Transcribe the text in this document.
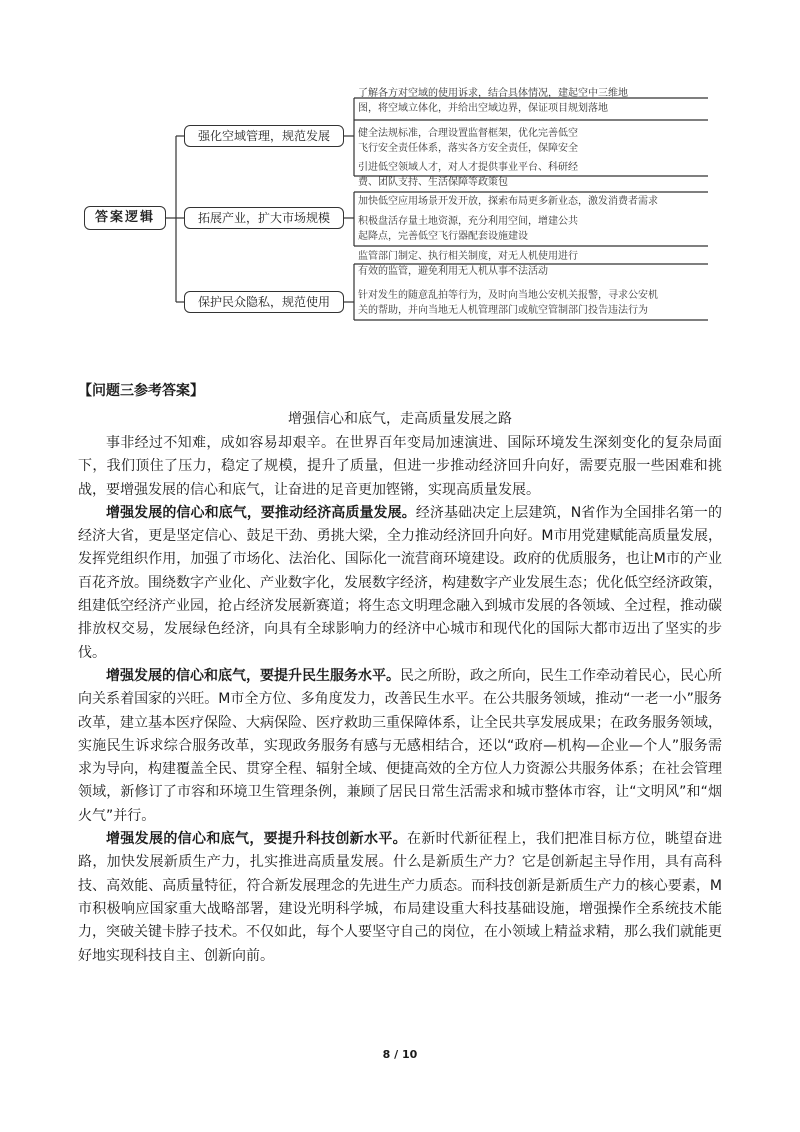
答案逻辑
强化空域管理，规范发展
拓展产业，扩大市场规模
保护民众隐私，规范使用
了解各方对空域的使用诉求，结合具体情况，建起空中三维地
图，将空域立体化，并给出空域边界，保证项目规划落地
健全法规标准，合理设置监督框架，优化完善低空
飞行安全责任体系，落实各方安全责任，保障安全
引进低空领域人才，对人才提供事业平台、科研经
费、团队支持、生活保障等政策包
加快低空应用场景开发开放，探索布局更多新业态，激发消费者需求
积极盘活存量土地资源，充分利用空间，增建公共
起降点，完善低空飞行器配套设施建设
监管部门制定、执行相关制度，对无人机使用进行
有效的监管，避免利用无人机从事不法活动
针对发生的随意乱拍等行为，及时向当地公安机关报警，寻求公安机
关的帮助，并向当地无人机管理部门或航空管制部门投告违法行为
【问题三参考答案】
增强信心和底气，走高质量发展之路

事非经过不知难，成如容易却艰辛。在世界百年变局加速演进、国际环境发生深刻变化的复杂局面下，我们顶住了压力，稳定了规模，提升了质量，但进一步推动经济回升向好，需要克服一些困难和挑战，要增强发展的信心和底气，让奋进的足音更加铿锵，实现高质量发展。

增强发展的信心和底气，要推动经济高质量发展。经济基础决定上层建筑，N省作为全国排名第一的经济大省，更是坚定信心、鼓足干劲、勇挑大梁，全力推动经济回升向好。M市用党建赋能高质量发展，发挥党组织作用，加强了市场化、法治化、国际化一流营商环境建设。政府的优质服务，也让M市的产业百花齐放。围绕数字产业化、产业数字化，发展数字经济，构建数字产业发展生态；优化低空经济政策，组建低空经济产业园，抢占经济发展新赛道；将生态文明理念融入到城市发展的各领域、全过程，推动碳排放权交易，发展绿色经济，向具有全球影响力的经济中心城市和现代化的国际大都市迈出了坚实的步伐。

增强发展的信心和底气，要提升民生服务水平。民之所盼，政之所向，民生工作牵动着民心，民心所向关系着国家的兴旺。M市全方位、多角度发力，改善民生水平。在公共服务领域，推动“一老一小”服务改革，建立基本医疗保险、大病保险、医疗救助三重保障体系，让全民共享发展成果；在政务服务领域，实施民生诉求综合服务改革，实现政务服务有感与无感相结合，还以“政府—机构—企业—个人”服务需求为导向，构建覆盖全民、贯穿全程、辐射全域、便捷高效的全方位人力资源公共服务体系；在社会管理领域，新修订了市容和环境卫生管理条例，兼顾了居民日常生活需求和城市整体市容，让“文明风”和“烟火气”并行。

增强发展的信心和底气，要提升科技创新水平。在新时代新征程上，我们把准目标方位，眺望奋进路，加快发展新质生产力，扎实推进高质量发展。什么是新质生产力？它是创新起主导作用，具有高科技、高效能、高质量特征，符合新发展理念的先进生产力质态。而科技创新是新质生产力的核心要素，M市积极响应国家重大战略部署，建设光明科学城，布局建设重大科技基础设施，增强操作全系统技术能力，突破关键卡脖子技术。不仅如此，每个人要坚守自己的岗位，在小领域上精益求精，那么我们就能更好地实现科技自主、创新向前。

8 / 10
